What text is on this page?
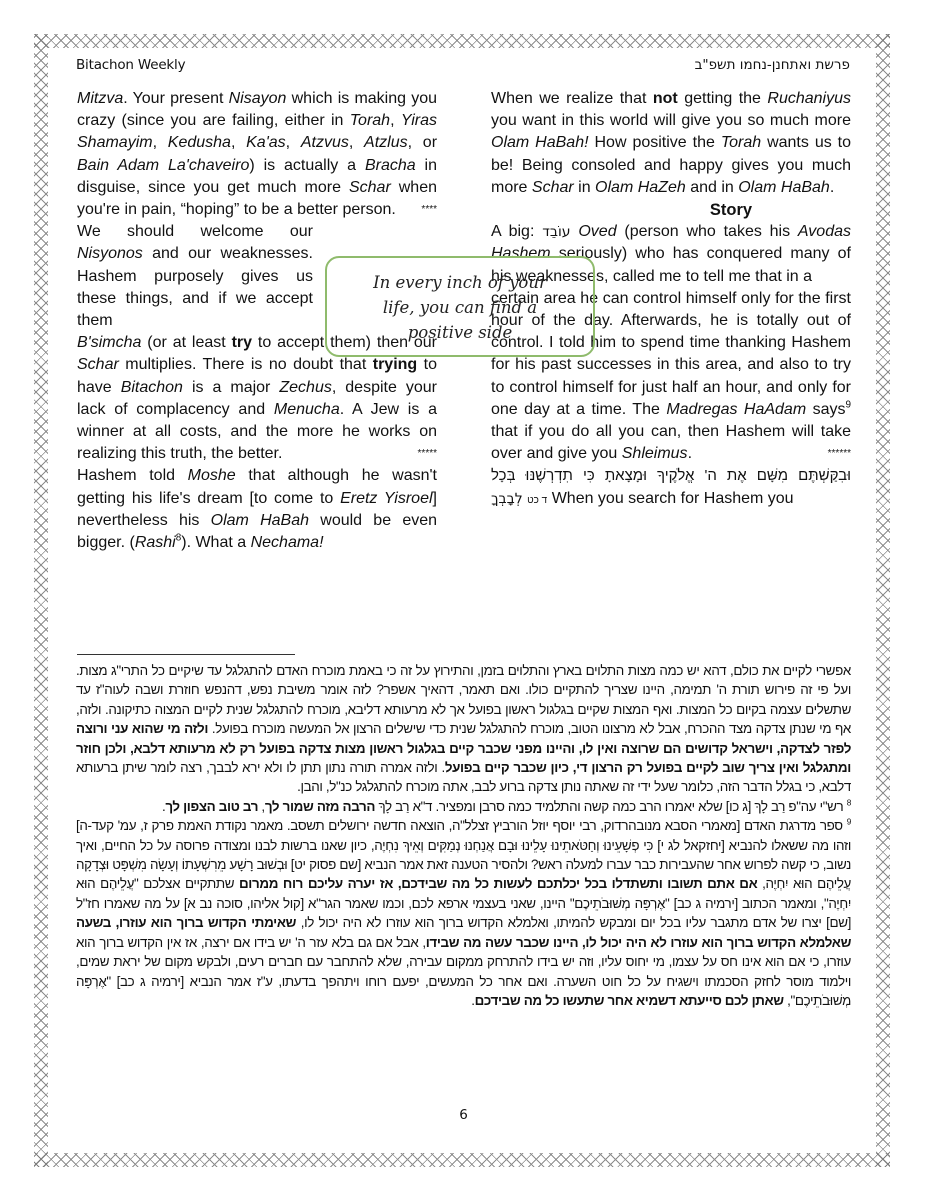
Bitachon Weekly	פרשת ואתחנן-נחמו תשפ"ב

Mitzva. Your present Nisayon which is making you crazy (since you are failing, either in Torah, Yiras Shamayim, Kedusha, Ka'as, Atzvus, Atzlus, or Bain Adam La'chaveiro) is actually a Bracha in disguise, since you get much more Schar when you're in pain, “hoping” to be a better person.	****

We should welcome our Nisyonos and our weaknesses. Hashem purposely gives us these things, and if we accept them

B'simcha (or at least try to accept them) then our Schar multiplies. There is no doubt that trying to have Bitachon is a major Zechus, despite your lack of complacency and Menucha. A Jew is a winner at all costs, and the more he works on realizing this truth, the better.	*****

Hashem told Moshe that although he wasn't getting his life's dream [to come to Eretz Yisroel] nevertheless his Olam HaBah would be even bigger. (Rashi$^8$). What a Nechama!

When we realize that not getting the Ruchaniyus you want in this world will give you so much more Olam HaBah! How positive the Torah wants us to be! Being consoled and happy gives you much more Schar in Olam HaZeh and in Olam HaBah.

Story

A big: עוֹבֵד Oved (person who takes his Avodas Hashem seriously) who has conquered many of his weaknesses, called me to tell me that in a

certain area he can control himself only for the first hour of the day. Afterwards, he is totally out of control. I told him to spend time thanking Hashem for his past successes in this area, and also to try to control himself for just half an hour, and only for one day at a time. The Madregas HaAdam says$^9$ that if you do all you can, then Hashem will take over and give you Shleimus.	******

וּבִקַּשְׁתֶּם מִשָּׁם אֶת ה' אֱלֹקֶיךָ וּמָצָאתָ כִּי תִדְרְשֶׁנּוּ בְּכָל

ד כט לְבָבְךָ When you search for Hashem you

In every inch of your
life, you can find a
positive side

אפשרי לקיים את כולם, דהא יש כמה מצות התלוים בארץ והתלוים בזמן, והתירוץ על זה כי באמת מוכרח האדם להתגלגל עד שיקיים כל התרי"ג מצות. ועל פי זה פירוש תורת ה' תמימה, היינו שצריך להתקיים כולו. ואם תאמר, דהאיך אשפר? לזה אומר משיבת נפש, דהנפש חוזרת ושבה לעוה"ז עד שתשלים עצמה בקיום כל המצות. ואף המצות שקיים בגלגול ראשון בפועל אך לא מרעותא דליבא, מוכרח להתגלגל שנית לקיים המצוה כתיקונה. ולזה, אף מי שנתן צדקה מצד ההכרח, אבל לא מרצונו הטוב, מוכרח להתגלגל שנית כדי שישלים הרצון אל המעשה מוכרח בפועל. ולזה מי שהוא עני ורוצה לפזר לצדקה, וישראל קדושים הם שרוצה ואין לו, והיינו מפני שכבר קיים בגלגול ראשון מצות צדקה בפועל רק לא מרעותא דלבא, ולכן חוזר ומתגלגל ואין צריך שוב לקיים בפועל רק הרצון די, כיון שכבר קיים בפועל. ולזה אמרה תורה נתון תתן לו ולא ירא לבבך, רצה לומר שיתן ברעותא דלבא, כי בגלל הדבר הזה, כלומר שעל ידי זה שאתה נותן צדקה ברוע לבב, אתה מוכרח להתגלגל כנ"ל, והבן.

$^8$ רש"י עה"פ רַב לָךְ [ג כו] שלא יאמרו הרב כמה קשה והתלמיד כמה סרבן ומפציר. ד"א רַב לָךְ הרבה מזה שמור לך, רב טוב הצפון לך.

$^9$ ספר מדרגת האדם [מאמרי הסבא מנובהרדוק, רבי יוסף יוזל הורביץ זצלל"ה, הוצאה חדשה ירושלים תשסב. מאמר נקודת האמת פרק ז, עמ' קעד-ה] וזהו מה ששאלו להנביא [יחזקאל לג י] כִּי פְשָׁעֵינוּ וְחַטֹּאתֵינוּ עָלֵינוּ וּבָם אֲנַחְנוּ נְמַקִּים וְאֵיךְ נִחְיֶה, כיון שאנו ברשות לבנו ומצודה פרוסה על כל החיים, ואיך נשוב, כי קשה לפרוש אחר שהעבירות כבר עברו למעלה ראש? ולהסיר הטענה זאת אמר הנביא [שם פסוק יט] וּבְשׁוּב רָשָׁע מֵרִשְׁעָתוֹ וְעָשָׂה מִשְׁפָּט וּצְדָקָה עֲלֵיהֶם הוּא יִחְיֶה, אם אתם תשובו ותשתדלו בכל יכלתכם לעשות כל מה שבידכם, אז יערה עליכם רוח ממרום שתתקיים אצלכם "עֲלֵיהֶם הוּא יִחְיֶה", ומאמר הכתוב [ירמיה ג כב] "אֶרְפָּה מְשׁוּבֹתֵיכֶם" היינו, שאני בעצמי ארפא לכם, וכמו שאמר הגר"א [קול אליהו, סוכה נב א] על מה שאמרו חז"ל [שם] יצרו של אדם מתגבר עליו בכל יום ומבקש להמיתו, ואלמלא הקדוש ברוך הוא עוזרו לא היה יכול לו, שאימתי הקדוש ברוך הוא עוזרו, בשעה שאלמלא הקדוש ברוך הוא עוזרו לא היה יכול לו, היינו שכבר עשה מה שבידו, אבל אם גם בלא עזר ה' יש בידו אם ירצה, אז אין הקדוש ברוך הוא עוזרו, כי אם הוא אינו חס על עצמו, מי יחוס עליו, וזה יש בידו להתרחק ממקום עבירה, שלא להתחבר עם חברים רעים, ולבקש מקום של יראת שמים, וילמוד מוסר לחזק הסכמתו וישגיח על כל חוט השערה. ואם אחר כל המעשים, יפעם רוחו ויתהפך בדעתו, ע"ז אמר הנביא [ירמיה ג כב] "אֶרְפָּה מְשׁוּבֹתֵיכֶם", שאתן לכם סייעתא דשמיא אחר שתעשו כל מה שבידכם.

6
